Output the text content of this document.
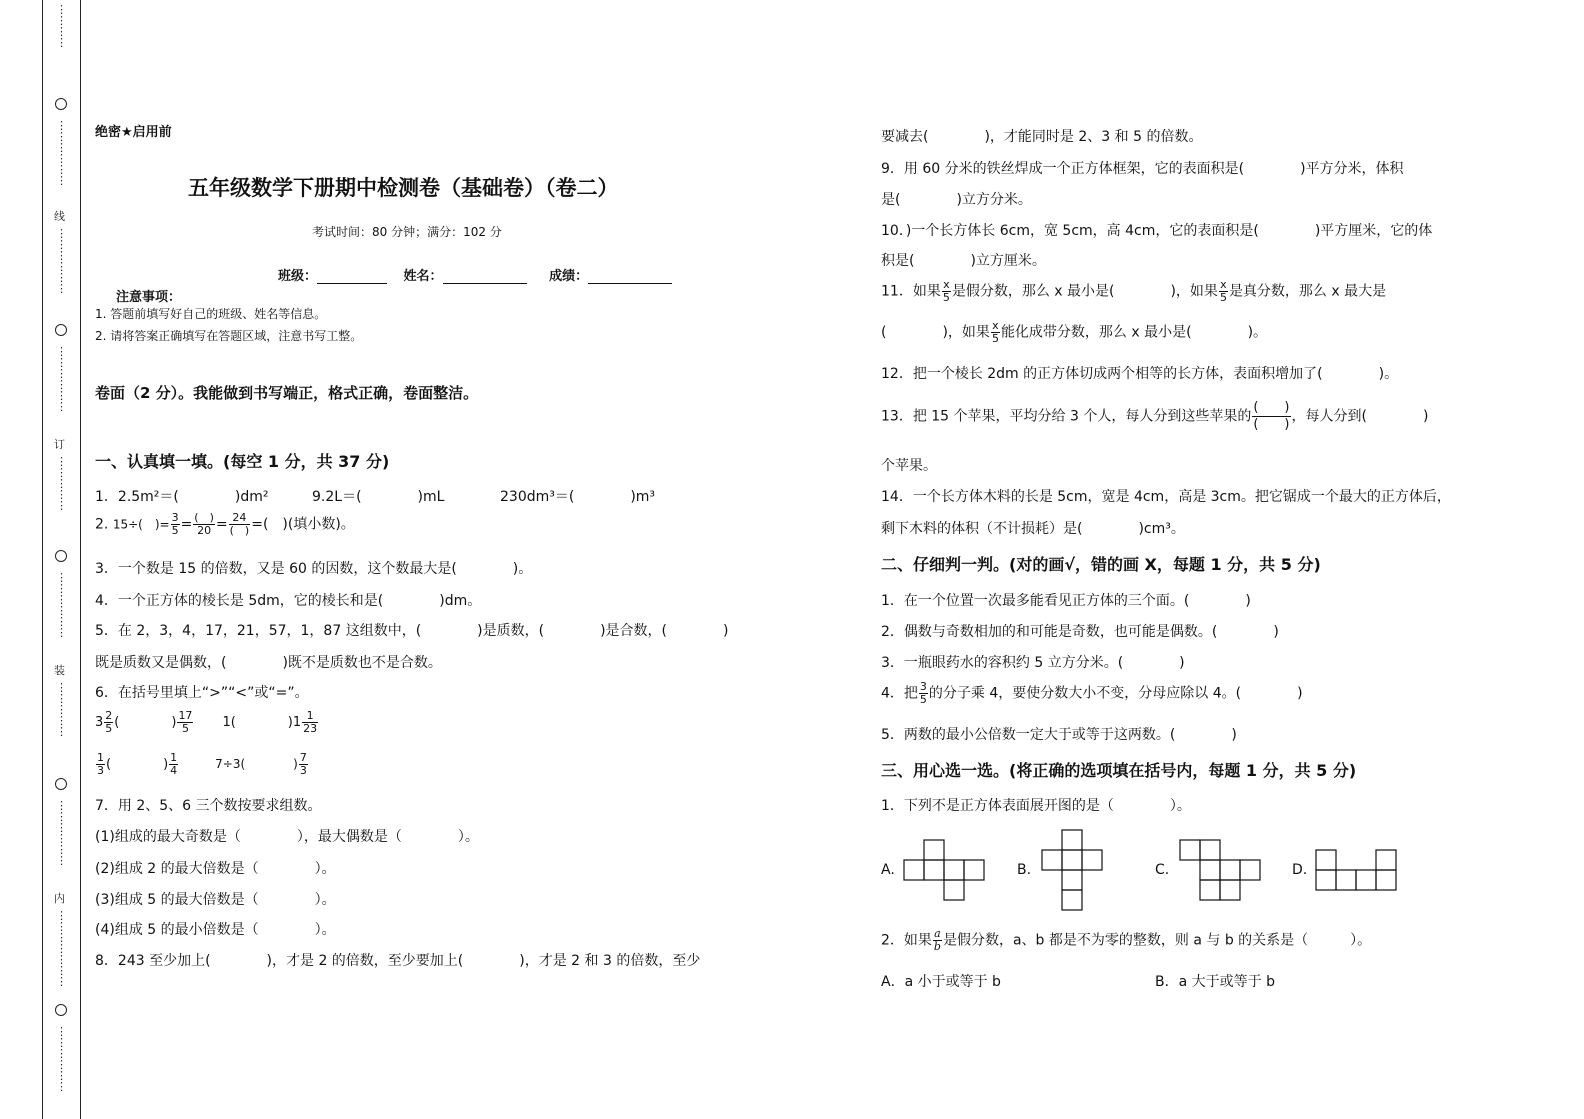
⋮
⋮
⋮
⋮
⋮
⋮
⋮
⋮
⋮
⋮
线
⋮
⋮
⋮
⋮
⋮
⋮
⋮
⋮
⋮
⋮
⋮
⋮
订
⋮
⋮
⋮
⋮
⋮
⋮
⋮
⋮
⋮
⋮
⋮
装
⋮
⋮
⋮
⋮
⋮
⋮
⋮
⋮
⋮
⋮
⋮
内
⋮
⋮
⋮
⋮
⋮
⋮
⋮
⋮
⋮
⋮
⋮
⋮
⋮
绝密★启用前
五年级数学下册期中检测卷（基础卷）（卷二）
考试时间：80 分钟；满分：102 分
班级：	姓名：	成绩：
注意事项：
1. 答题前填写好自己的班级、姓名等信息。
2. 请将答案正确填写在答题区域，注意书写工整。
卷面（2 分）。我能做到书写端正，格式正确，卷面整洁。
一、认真填一填。(每空 1 分，共 37 分)
1．2.5m²＝(　　　　)dm²	9.2L＝(　　　　)mL	230dm³＝(　　　　)m³
2. 15÷(　)= $\frac{3}{5} = \frac{( )}{20} = \frac{24}{( )}$ =(　)(填小数)。
3．一个数是 15 的倍数，又是 60 的因数，这个数最大是(　　　　)。
4．一个正方体的棱长是 5dm，它的棱长和是(　　　　)dm。
5．在 2，3，4，17，21，57，1，87 这组数中，(　　　　)是质数，(　　　　)是合数，(　　　　)
既是质数又是偶数，(　　　　)既不是质数也不是合数。
6．在括号里填上“>”“<”或“=”。
$3 \frac{2}{5}$ (　　　　) $\frac{17}{5} 1$(　　　　)$1 \frac{1}{23}$
$\frac{1}{3}$ (　　　　) $\frac{1}{4}$	7÷3(　　　　) $\frac{7}{3}$
7．用 2、5、6 三个数按要求组数。
(1)组成的最大奇数是（　　　　），最大偶数是（　　　　）。
(2)组成 2 的最大倍数是（　　　　）。
(3)组成 5 的最大倍数是（　　　　）。
(4)组成 5 的最小倍数是（　　　　）。
8．243 至少加上(　　　　)，才是 2 的倍数，至少要加上(　　　　)，才是 2 和 3 的倍数，至少
要减去(　　　　)，才能同时是 2、3 和 5 的倍数。
9．用 60 分米的铁丝焊成一个正方体框架，它的表面积是(　　　　)平方分米，体积
是(　　　　)立方分米。
10．)一个长方体长 6cm，宽 5cm，高 4cm，它的表面积是(　　　　)平方厘米，它的体
积是(　　　　)立方厘米。
11．如果 $\frac{x}{5}$ 是假分数，那么 x 最小是(　　　　)，如果 $\frac{x}{5}$ 是真分数，那么 x 最大是
(　　　　)，如果 $\frac{x}{5}$ 能化成带分数，那么 x 最小是(　　　　)。
12．把一个棱长 2dm 的正方体切成两个相等的长方体，表面积增加了(　　　　)。
13．把 15 个苹果，平均分给 3 个人，每人分到这些苹果的 $\frac{( )}{( )}$ ，每人分到(　　　　)
个苹果。
14．一个长方体木料的长是 5cm，宽是 4cm，高是 3cm。把它锯成一个最大的正方体后，
剩下木料的体积（不计损耗）是(　　　　)cm³。
二、仔细判一判。(对的画√，错的画 X，每题 1 分，共 5 分)
1．在一个位置一次最多能看见正方体的三个面。(　　　　)
2．偶数与奇数相加的和可能是奇数，也可能是偶数。(　　　　)
3．一瓶眼药水的容积约 5 立方分米。(　　　　)
4．把 $\frac{3}{5}$ 的分子乘 4，要使分数大小不变，分母应除以 4。(　　　　)
5．两数的最小公倍数一定大于或等于这两数。(　　　　)
三、用心选一选。(将正确的选项填在括号内，每题 1 分，共 5 分)
1．下列不是正方体表面展开图的是（　　　　）。
A.	B.	C.	D.
2．如果 $\frac{a}{b}$ 是假分数，a、b 都是不为零的整数，则 a 与 b 的关系是（　　　）。
A．a 小于或等于 b	B．a 大于或等于 b
